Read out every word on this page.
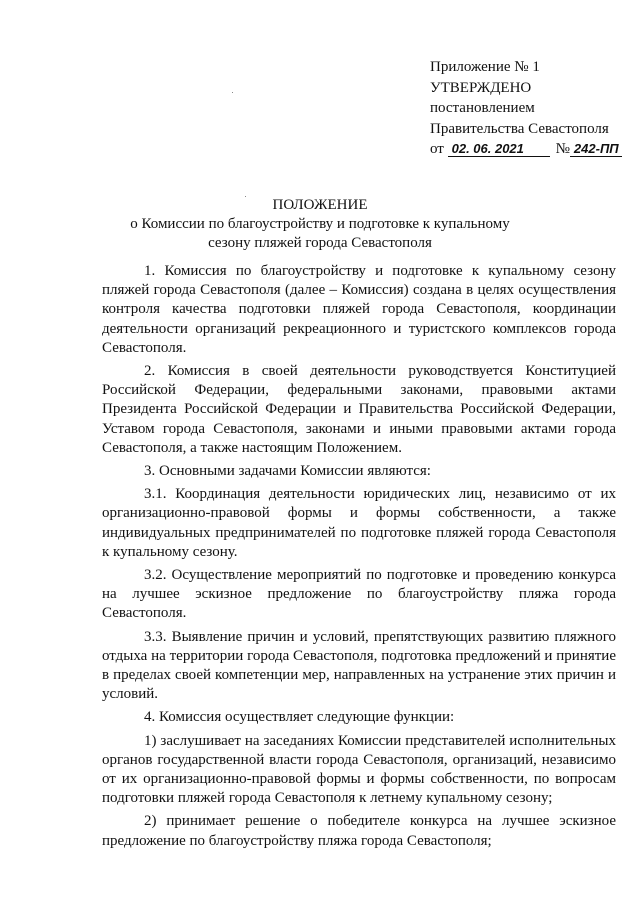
Приложение № 1
УТВЕРЖДЕНО
постановлением
Правительства Севастополя
от 02. 06. 2021 № 242-ПП
ПОЛОЖЕНИЕ
о Комиссии по благоустройству и подготовке к купальному
сезону пляжей города Севастополя

1. Комиссия по благоустройству и подготовке к купальному сезону пляжей города Севастополя (далее – Комиссия) создана в целях осуществления контроля качества подготовки пляжей города Севастополя, координации деятельности организаций рекреационного и туристского комплексов города Севастополя.

2. Комиссия в своей деятельности руководствуется Конституцией Российской Федерации, федеральными законами, правовыми актами Президента Российской Федерации и Правительства Российской Федерации, Уставом города Севастополя, законами и иными правовыми актами города Севастополя, а также настоящим Положением.

3. Основными задачами Комиссии являются:

3.1. Координация деятельности юридических лиц, независимо от их организационно-правовой формы и формы собственности, а также индивидуальных предпринимателей по подготовке пляжей города Севастополя к купальному сезону.

3.2. Осуществление мероприятий по подготовке и проведению конкурса на лучшее эскизное предложение по благоустройству пляжа города Севастополя.

3.3. Выявление причин и условий, препятствующих развитию пляжного отдыха на территории города Севастополя, подготовка предложений и принятие в пределах своей компетенции мер, направленных на устранение этих причин и условий.

4. Комиссия осуществляет следующие функции:

1) заслушивает на заседаниях Комиссии представителей исполнительных органов государственной власти города Севастополя, организаций, независимо от их организационно-правовой формы и формы собственности, по вопросам подготовки пляжей города Севастополя к летнему купальному сезону;

2) принимает решение о победителе конкурса на лучшее эскизное предложение по благоустройству пляжа города Севастополя;
